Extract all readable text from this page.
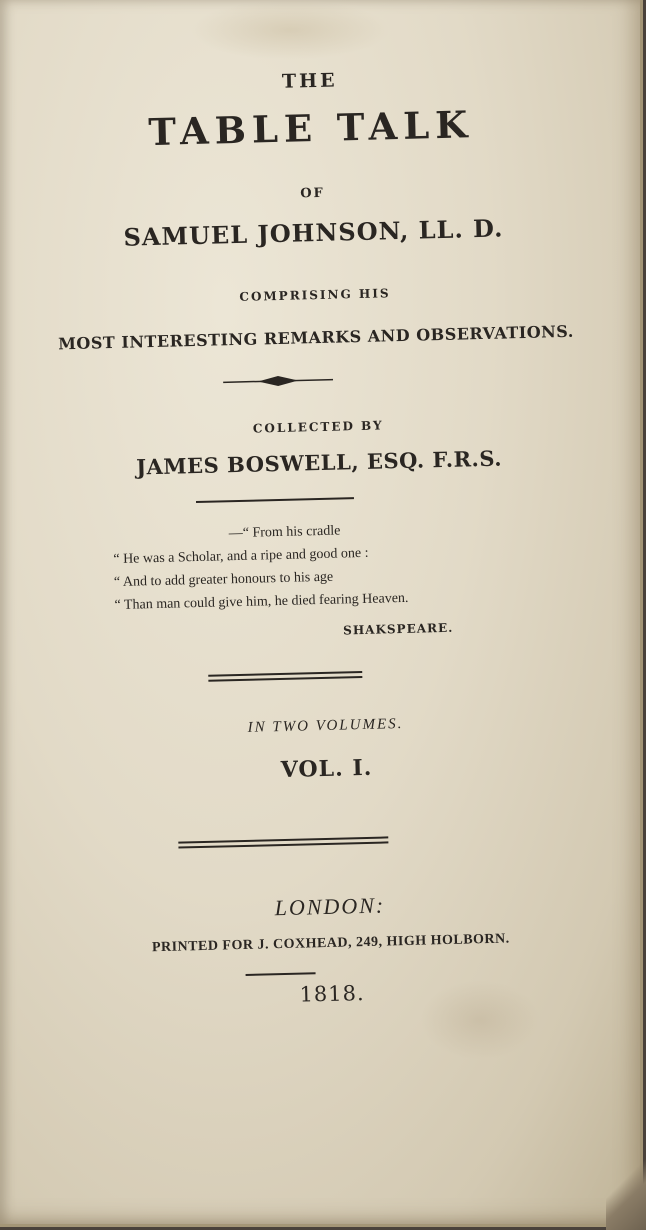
THE
TABLE TALK
OF
SAMUEL JOHNSON, LL. D.
COMPRISING HIS
MOST INTERESTING REMARKS AND OBSERVATIONS.
COLLECTED BY
JAMES BOSWELL, ESQ. F.R.S.
—“ From his cradle
“ He was a Scholar, and a ripe and good one :
“ And to add greater honours to his age
“ Than man could give him, he died fearing Heaven.
SHAKSPEARE.
IN TWO VOLUMES.
VOL. I.
LONDON:
PRINTED FOR J. COXHEAD, 249, HIGH HOLBORN.
1818.
